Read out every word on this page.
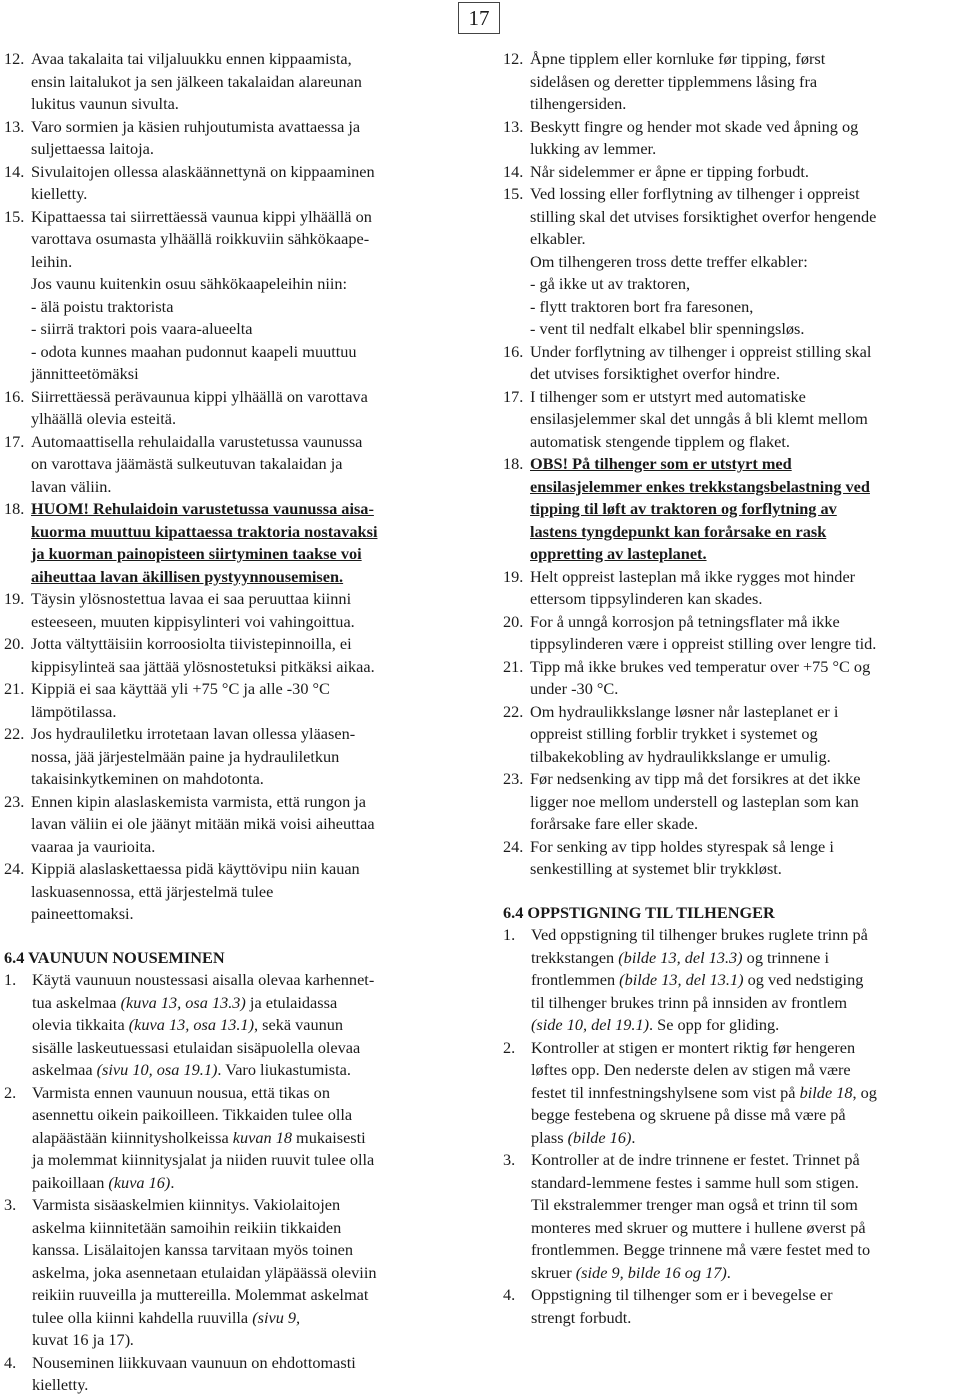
17
12. Avaa takalaita tai viljaluukku ennen kippaamista,
ensin laitalukot ja sen jälkeen takalaidan alareunan
lukitus vaunun sivulta.
13. Varo sormien ja käsien ruhjoutumista avattaessa ja
suljettaessa laitoja.
14. Sivulaitojen ollessa alaskäännettynä on kippaaminen
kielletty.
15. Kipattaessa tai siirrettäessä vaunua kippi ylhäällä on
varottava osumasta ylhäällä roikkuviin sähkökaape-
leihin.
Jos vaunu kuitenkin osuu sähkökaapeleihin niin:
- älä poistu traktorista
- siirrä traktori pois vaara-alueelta
- odota kunnes maahan pudonnut kaapeli muuttuu
jännitteetömäksi
16. Siirrettäessä perävaunua kippi ylhäällä on varottava
ylhäällä olevia esteitä.
17. Automaattisella rehulaidalla varustetussa vaunussa
on varottava jäämästä sulkeutuvan takalaidan ja
lavan väliin.
18. HUOM! Rehulaidoin varustetussa vaunussa aisa-
kuorma muuttuu kipattaessa traktoria nostavaksi
ja kuorman painopisteen siirtyminen taakse voi
aiheuttaa lavan äkillisen pystyynnousemisen.
19. Täysin ylösnostettua lavaa ei saa peruuttaa kiinni
esteeseen, muuten kippisylinteri voi vahingoittua.
20. Jotta vältyttäisiin korroosiolta tiivistepinnoilla, ei
kippisylinteä saa jättää ylösnostetuksi pitkäksi aikaa.
21. Kippiä ei saa käyttää yli +75 °C ja alle -30 °C
lämpötilassa.
22. Jos hydrauliletku irrotetaan lavan ollessa yläasen-
nossa, jää järjestelmään paine ja hydrauliletkun
takaisinkytkeminen on mahdotonta.
23. Ennen kipin alaslaskemista varmista, että rungon ja
lavan väliin ei ole jäänyt mitään mikä voisi aiheuttaa
vaaraa ja vaurioita.
24. Kippiä alaslaskettaessa pidä käyttövipu niin kauan
laskuasennossa, että järjestelmä tulee
paineettomaksi.
6.4 VAUNUUN NOUSEMINEN
1. Käytä vaunuun noustessasi aisalla olevaa karhennet-
tua askelmaa (kuva 13, osa 13.3) ja etulaidassa
olevia tikkaita (kuva 13, osa 13.1), sekä vaunun
sisälle laskeutuessasi etulaidan sisäpuolella olevaa
askelmaa (sivu 10, osa 19.1). Varo liukastumista.
2. Varmista ennen vaunuun nousua, että tikas on
asennettu oikein paikoilleen. Tikkaiden tulee olla
alapäästään kiinnitysholkeissa kuvan 18 mukaisesti
ja molemmat kiinnitysjalat ja niiden ruuvit tulee olla
paikoillaan (kuva 16).
3. Varmista sisäaskelmien kiinnitys. Vakiolaitojen
askelma kiinnitetään samoihin reikiin tikkaiden
kanssa. Lisälaitojen kanssa tarvitaan myös toinen
askelma, joka asennetaan etulaidan yläpäässä oleviin
reikiin ruuveilla ja muttereilla. Molemmat askelmat
tulee olla kiinni kahdella ruuvilla (sivu 9,
kuvat 16 ja 17).
4. Nouseminen liikkuvaan vaunuun on ehdottomasti
kielletty.
12. Åpne tipplem eller kornluke før tipping, først
sidelåsen og deretter tipplemmens låsing fra
tilhengersiden.
13. Beskytt fingre og hender mot skade ved åpning og
lukking av lemmer.
14. Når sidelemmer er åpne er tipping forbudt.
15. Ved lossing eller forflytning av tilhenger i oppreist
stilling skal det utvises forsiktighet overfor hengende
elkabler.
Om tilhengeren tross dette treffer elkabler:
- gå ikke ut av traktoren,
- flytt traktoren bort fra faresonen,
- vent til nedfalt elkabel blir spenningsløs.
16. Under forflytning av tilhenger i oppreist stilling skal
det utvises forsiktighet overfor hindre.
17. I tilhenger som er utstyrt med automatiske
ensilasjelemmer skal det unngås å bli klemt mellom
automatisk stengende tipplem og flaket.
18. OBS! På tilhenger som er utstyrt med
ensilasjelemmer enkes trekkstangsbelastning ved
tipping til løft av traktoren og forflytning av
lastens tyngdepunkt kan forårsake en rask
oppretting av lasteplanet.
19. Helt oppreist lasteplan må ikke rygges mot hinder
ettersom tippsylinderen kan skades.
20. For å unngå korrosjon på tetningsflater må ikke
tippsylinderen være i oppreist stilling over lengre tid.
21. Tipp må ikke brukes ved temperatur over +75 °C og
under -30 °C.
22. Om hydraulikkslange løsner når lasteplanet er i
oppreist stilling forblir trykket i systemet og
tilbakekobling av hydraulikkslange er umulig.
23. Før nedsenking av tipp må det forsikres at det ikke
ligger noe mellom understell og lasteplan som kan
forårsake fare eller skade.
24. For senking av tipp holdes styrespak så lenge i
senkestilling at systemet blir trykkløst.
6.4 OPPSTIGNING TIL TILHENGER
1. Ved oppstigning til tilhenger brukes ruglete trinn på
trekkstangen (bilde 13, del 13.3) og trinnene i
frontlemmen (bilde 13, del 13.1) og ved nedstiging
til tilhenger brukes trinn på innsiden av frontlem
(side 10, del 19.1). Se opp for gliding.
2. Kontroller at stigen er montert riktig før hengeren
løftes opp. Den nederste delen av stigen må være
festet til innfestningshylsene som vist på bilde 18, og
begge festebena og skruene på disse må være på
plass (bilde 16).
3. Kontroller at de indre trinnene er festet. Trinnet på
standard-lemmene festes i samme hull som stigen.
Til ekstralemmer trenger man også et trinn til som
monteres med skruer og muttere i hullene øverst på
frontlemmen. Begge trinnene må være festet med to
skruer (side 9, bilde 16 og 17).
4. Oppstigning til tilhenger som er i bevegelse er
strengt forbudt.
